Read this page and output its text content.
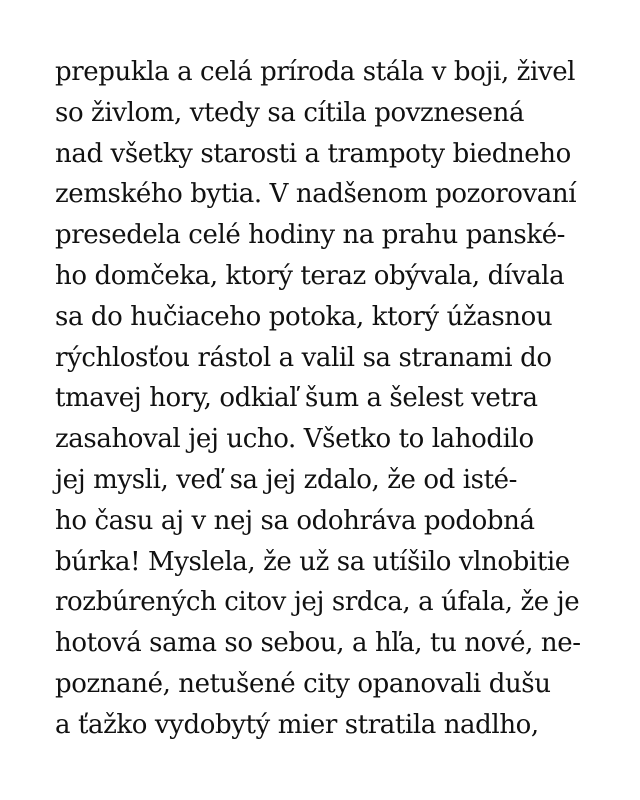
prepukla a celá príroda stála v boji, živel
so živlom, vtedy sa cítila povznesená
nad všetky starosti a trampoty biedneho
zemského bytia. V nadšenom pozorovaní
presedela celé hodiny na prahu panské-
ho domčeka, ktorý teraz obývala, dívala
sa do hučiaceho potoka, ktorý úžasnou
rýchlosťou rástol a valil sa stranami do
tmavej hory, odkiaľ šum a šelest vetra
zasahoval jej ucho. Všetko to lahodilo
jej mysli, veď sa jej zdalo, že od isté-
ho času aj v nej sa odohráva podobná
búrka! Myslela, že už sa utíšilo vlnobitie
rozbúrených citov jej srdca, a úfala, že je
hotová sama so sebou, a hľa, tu nové, ne-
poznané, netušené city opanovali dušu
a ťažko vydobytý mier stratila nadlho,
